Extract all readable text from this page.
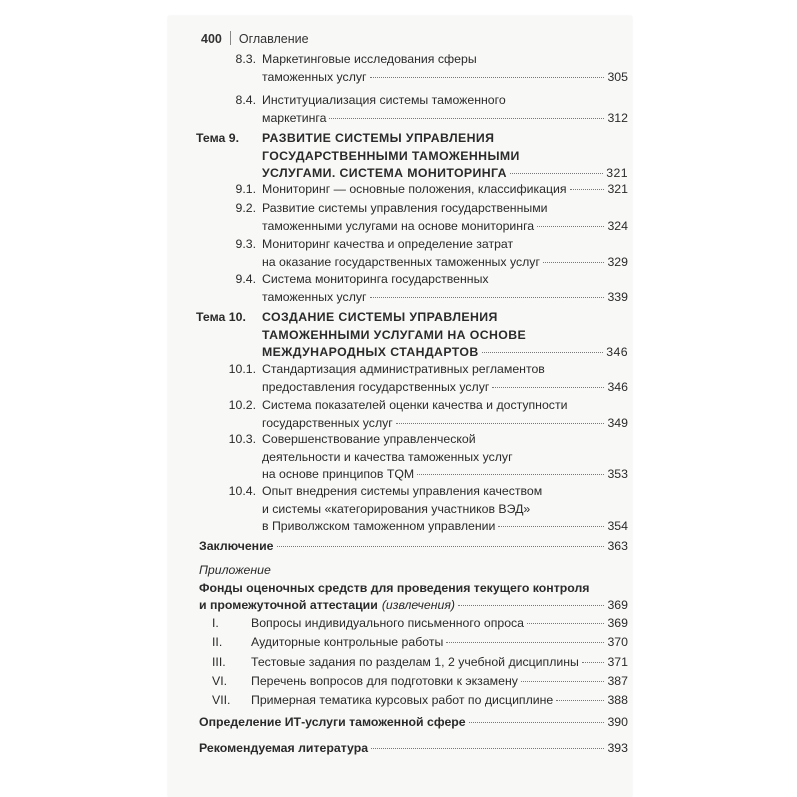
400 Оглавление
8.3. Маркетинговые исследования сферы
таможенных услуг	305
8.4. Институциализация системы таможенного
маркетинга	312
Тема 9.	РАЗВИТИЕ СИСТЕМЫ УПРАВЛЕНИЯ
ГОСУДАРСТВЕННЫМИ ТАМОЖЕННЫМИ
УСЛУГАМИ. СИСТЕМА МОНИТОРИНГА	321
9.1. Мониторинг — основные положения, классификация	321
9.2. Развитие системы управления государственными
таможенными услугами на основе мониторинга	324
9.3. Мониторинг качества и определение затрат
на оказание государственных таможенных услуг	329
9.4. Система мониторинга государственных
таможенных услуг	339
Тема 10.	СОЗДАНИЕ СИСТЕМЫ УПРАВЛЕНИЯ
ТАМОЖЕННЫМИ УСЛУГАМИ НА ОСНОВЕ
МЕЖДУНАРОДНЫХ СТАНДАРТОВ	346
10.1. Стандартизация административных регламентов
предоставления государственных услуг	346
10.2. Система показателей оценки качества и доступности
государственных услуг	349
10.3. Совершенствование управленческой
деятельности и качества таможенных услуг
на основе принципов TQM	353
10.4. Опыт внедрения системы управления качеством
и системы «категорирования участников ВЭД»
в Приволжском таможенном управлении	354
Заключение	363
Приложение
Фонды оценочных средств для проведения текущего контроля
и промежуточной аттестации (извлечения)	369
I.	Вопросы индивидуального письменного опроса	369
II.	Аудиторные контрольные работы	370
III.	Тестовые задания по разделам 1, 2 учебной дисциплины 371
VI.	Перечень вопросов для подготовки к экзамену	387
VII.	Примерная тематика курсовых работ по дисциплине	388
Определение ИТ-услуги таможенной сфере	390
Рекомендуемая литература	393
